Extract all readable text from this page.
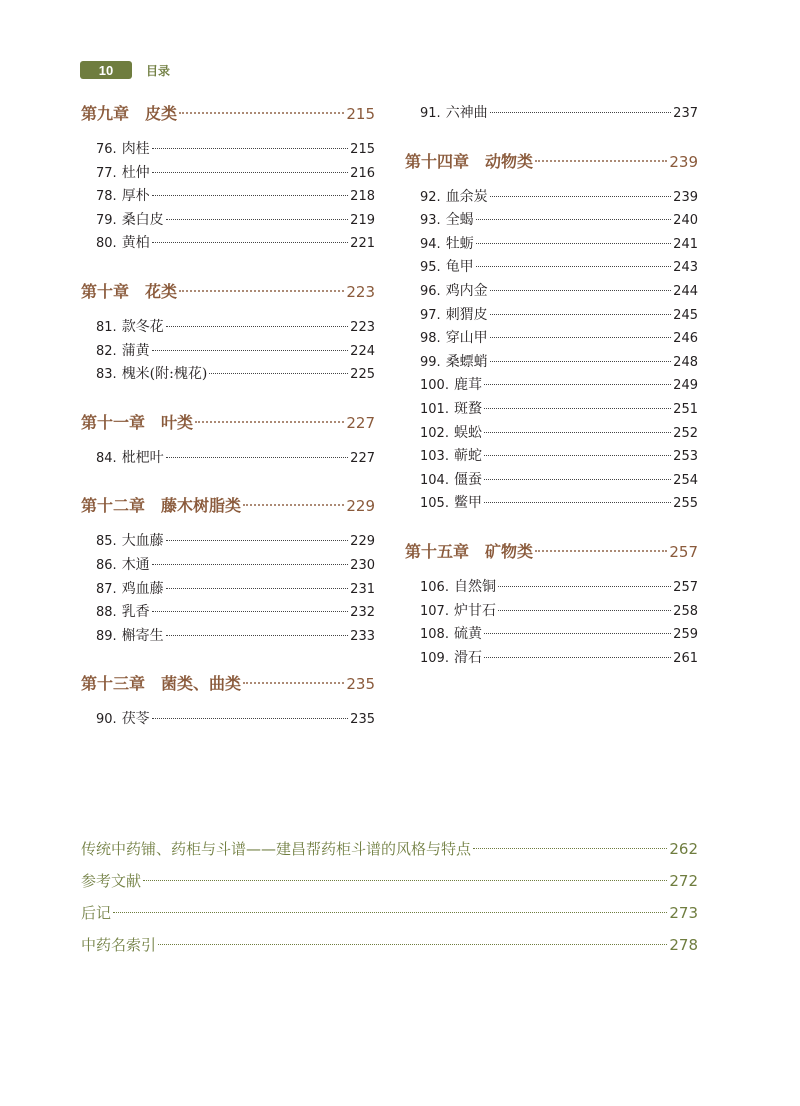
10	目录
第九章 皮类	215
76. 肉桂	215
77. 杜仲	216
78. 厚朴	218
79. 桑白皮	219
80. 黄柏	221
第十章 花类	223
81. 款冬花	223
82. 蒲黄	224
83. 槐米(附:槐花)	225
第十一章 叶类	227
84. 枇杷叶	227
第十二章 藤木树脂类	229
85. 大血藤	229
86. 木通	230
87. 鸡血藤	231
88. 乳香	232
89. 槲寄生	233
第十三章 菌类、曲类	235
90. 茯苓	235
91. 六神曲	237
第十四章 动物类	239
92. 血余炭	239
93. 全蝎	240
94. 牡蛎	241
95. 龟甲	243
96. 鸡内金	244
97. 刺猬皮	245
98. 穿山甲	246
99. 桑螵蛸	248
100. 鹿茸	249
101. 斑蝥	251
102. 蜈蚣	252
103. 蕲蛇	253
104. 僵蚕	254
105. 鳖甲	255
第十五章 矿物类	257
106. 自然铜	257
107. 炉甘石	258
108. 硫黄	259
109. 滑石	261
传统中药铺、药柜与斗谱——建昌帮药柜斗谱的风格与特点	262
参考文献	272
后记	273
中药名索引	278
